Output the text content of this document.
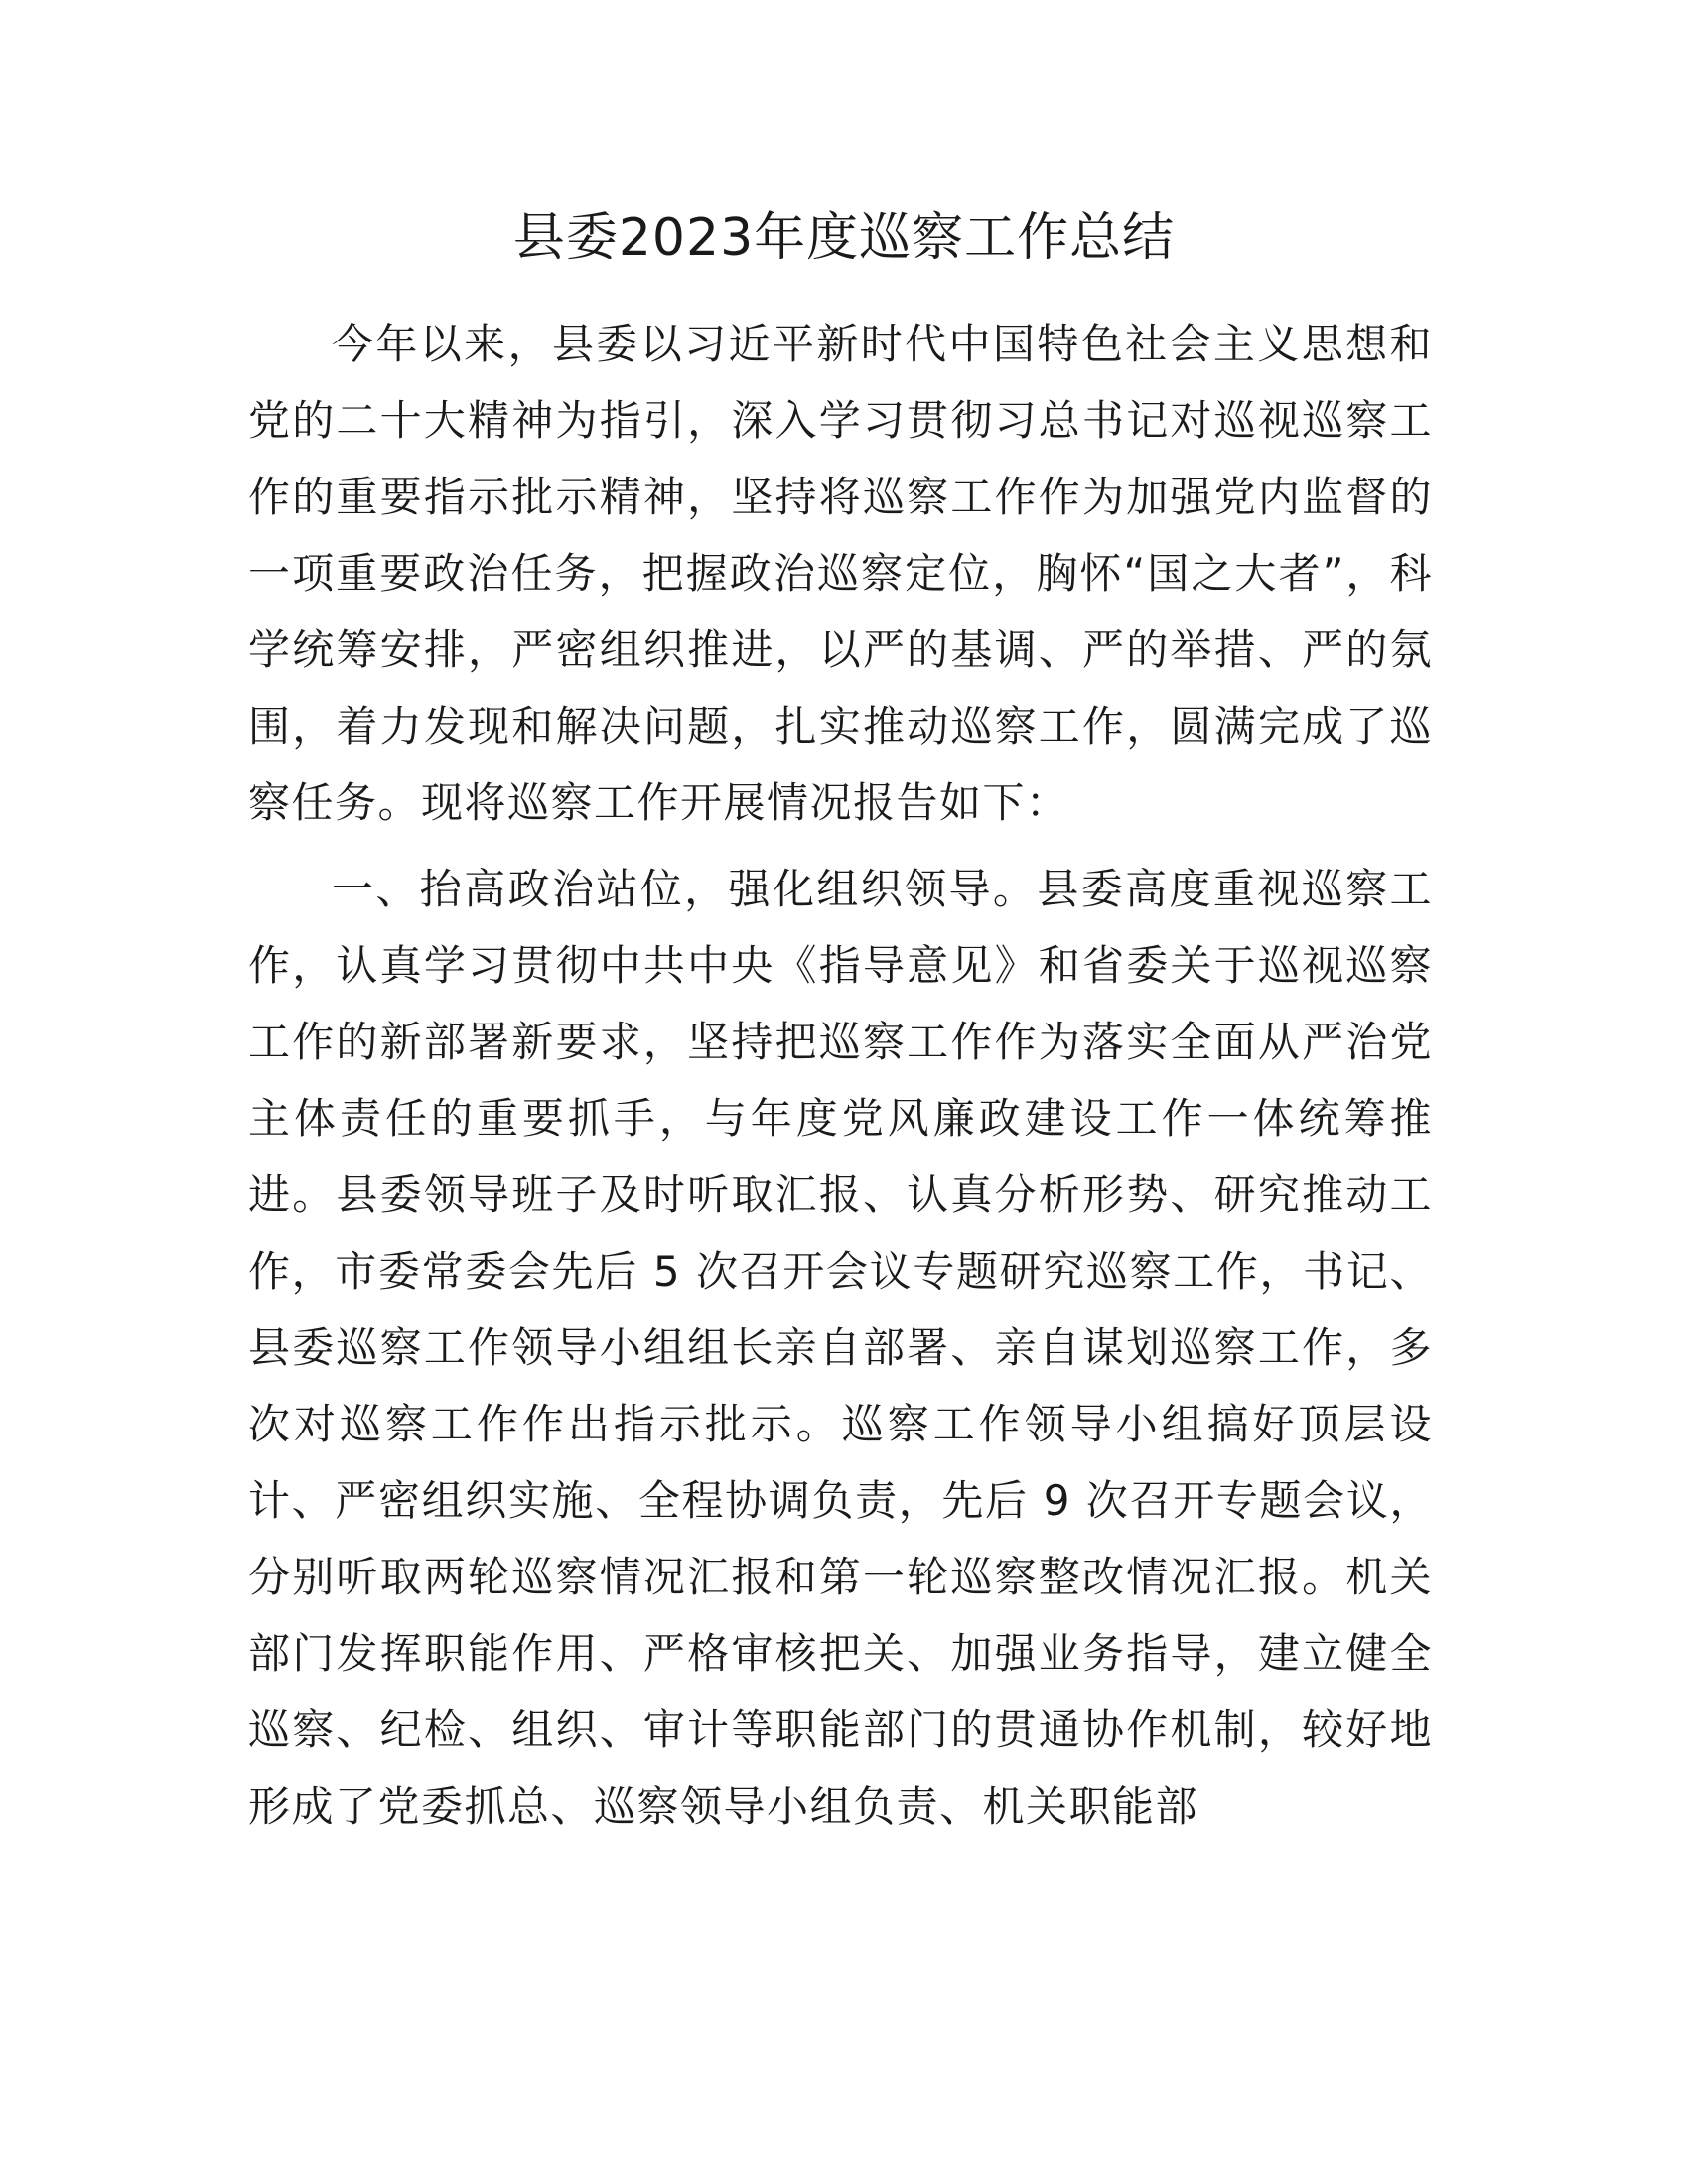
县委2023年度巡察工作总结

今年以来，县委以习近平新时代中国特色社会主义思想和党的二十大精神为指引，深入学习贯彻习总书记对巡视巡察工作的重要指示批示精神，坚持将巡察工作作为加强党内监督的一项重要政治任务，把握政治巡察定位，胸怀“国之大者”，科学统筹安排，严密组织推进，以严的基调、严的举措、严的氛围，着力发现和解决问题，扎实推动巡察工作，圆满完成了巡察任务。现将巡察工作开展情况报告如下：

一、抬高政治站位，强化组织领导。县委高度重视巡察工作，认真学习贯彻中共中央《指导意见》和省委关于巡视巡察工作的新部署新要求，坚持把巡察工作作为落实全面从严治党主体责任的重要抓手，与年度党风廉政建设工作一体统筹推进。县委领导班子及时听取汇报、认真分析形势、研究推动工作，市委常委会先后 5 次召开会议专题研究巡察工作，书记、县委巡察工作领导小组组长亲自部署、亲自谋划巡察工作，多次对巡察工作作出指示批示。巡察工作领导小组搞好顶层设计、严密组织实施、全程协调负责，先后 9 次召开专题会议，分别听取两轮巡察情况汇报和第一轮巡察整改情况汇报。机关部门发挥职能作用、严格审核把关、加强业务指导，建立健全巡察、纪检、组织、审计等职能部门的贯通协作机制，较好地形成了党委抓总、巡察领导小组负责、机关职能部
